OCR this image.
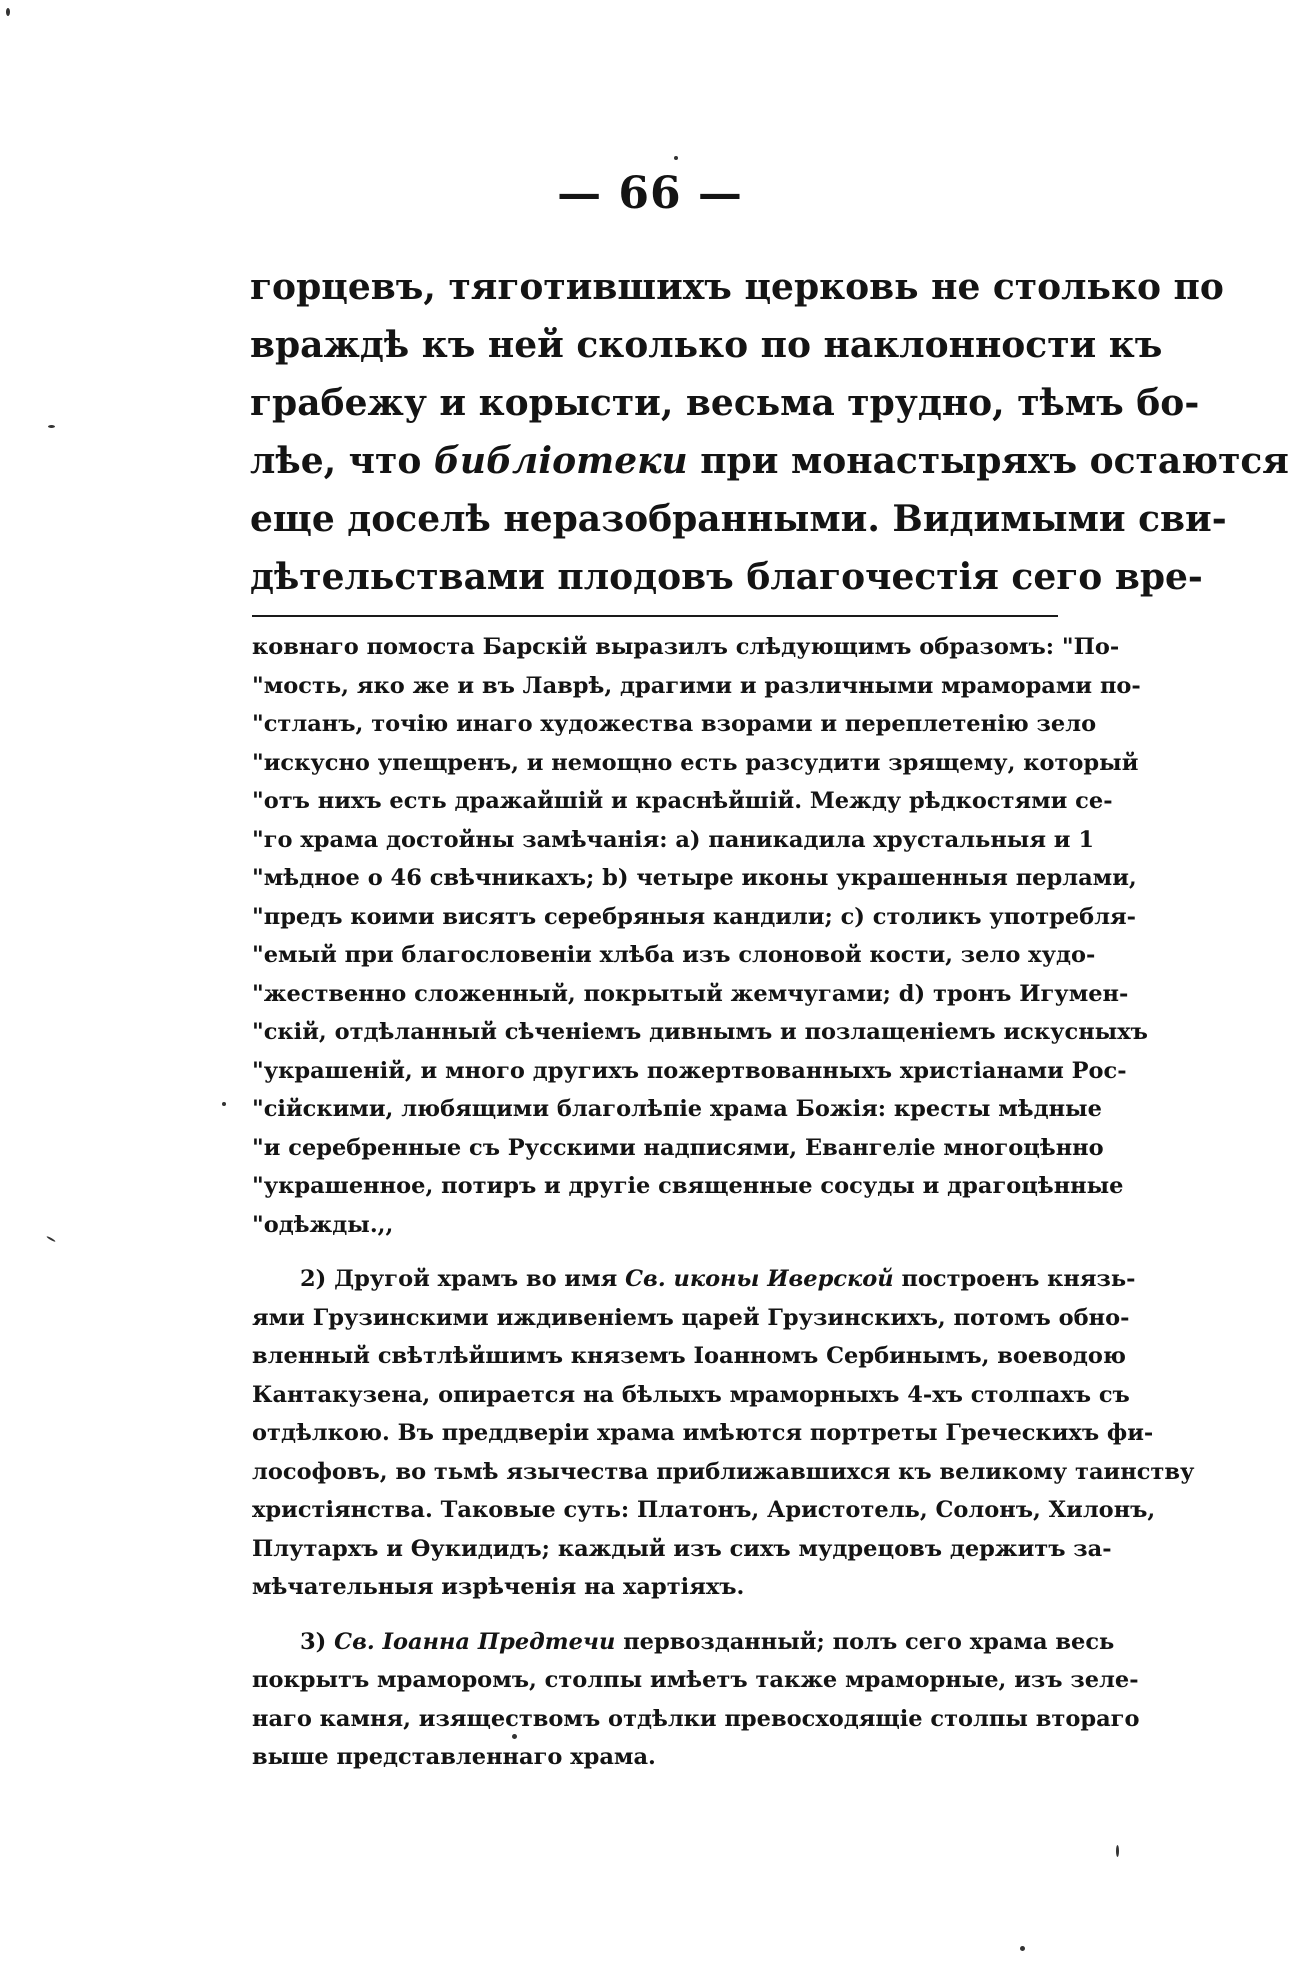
— 66 —
горцевъ, тяготившихъ церковь не столько по
враждѣ къ ней сколько по наклонности къ
грабежу и корысти, весьма трудно, тѣмъ бо-
лѣе, что библіотеки при монастыряхъ остаются
еще доселѣ неразобранными. Видимыми сви-
дѣтельствами плодовъ благочестія сего вре-
ковнаго помоста Барскій выразилъ слѣдующимъ образомъ: "По-
"мость, яко же и въ Лаврѣ, драгими и различными мраморами по-
"стланъ, точію инаго художества взорами и переплетенію зело
"искусно упещренъ, и немощно есть разсудити зрящему, который
"отъ нихъ есть дражайшій и краснѣйшій. Между рѣдкостями се-
"го храма достойны замѣчанія: а) паникадила хрустальныя и 1
"мѣдное о 46 свѣчникахъ; b) четыре иконы украшенныя перлами,
"предъ коими висятъ серебряныя кандили; с) столикъ употребля-
"емый при благословеніи хлѣба изъ слоновой кости, зело худо-
"жественно сложенный, покрытый жемчугами; d) тронъ Игумен-
"скій, отдѣланный сѣченіемъ дивнымъ и позлащеніемъ искусныхъ
"украшеній, и много другихъ пожертвованныхъ христіанами Рос-
"сійскими, любящими благолѣпіе храма Божія: кресты мѣдные
"и серебренные съ Русскими надписями, Евангеліе многоцѣнно
"украшенное, потиръ и другіе священные сосуды и драгоцѣнные
"одѣжды.,,
2) Другой храмъ во имя Св. иконы Иверской построенъ князь-
ями Грузинскими иждивеніемъ царей Грузинскихъ, потомъ обно-
вленный свѣтлѣйшимъ княземъ Іоанномъ Сербинымъ, воеводою
Кантакузена, опирается на бѣлыхъ мраморныхъ 4-хъ столпахъ съ
отдѣлкою. Въ преддверіи храма имѣются портреты Греческихъ фи-
лософовъ, во тьмѣ язычества приближавшихся къ великому таинству
христіянства. Таковые суть: Платонъ, Аристотель, Солонъ, Хилонъ,
Плутархъ и Ѳукидидъ; каждый изъ сихъ мудрецовъ держитъ за-
мѣчательныя изрѣченія на хартіяхъ.
3) Св. Іоанна Предтечи первозданный; полъ сего храма весь
покрытъ мраморомъ, столпы имѣетъ также мраморные, изъ зеле-
наго камня, изяществомъ отдѣлки превосходящіе столпы втораго
выше представленнаго храма.
